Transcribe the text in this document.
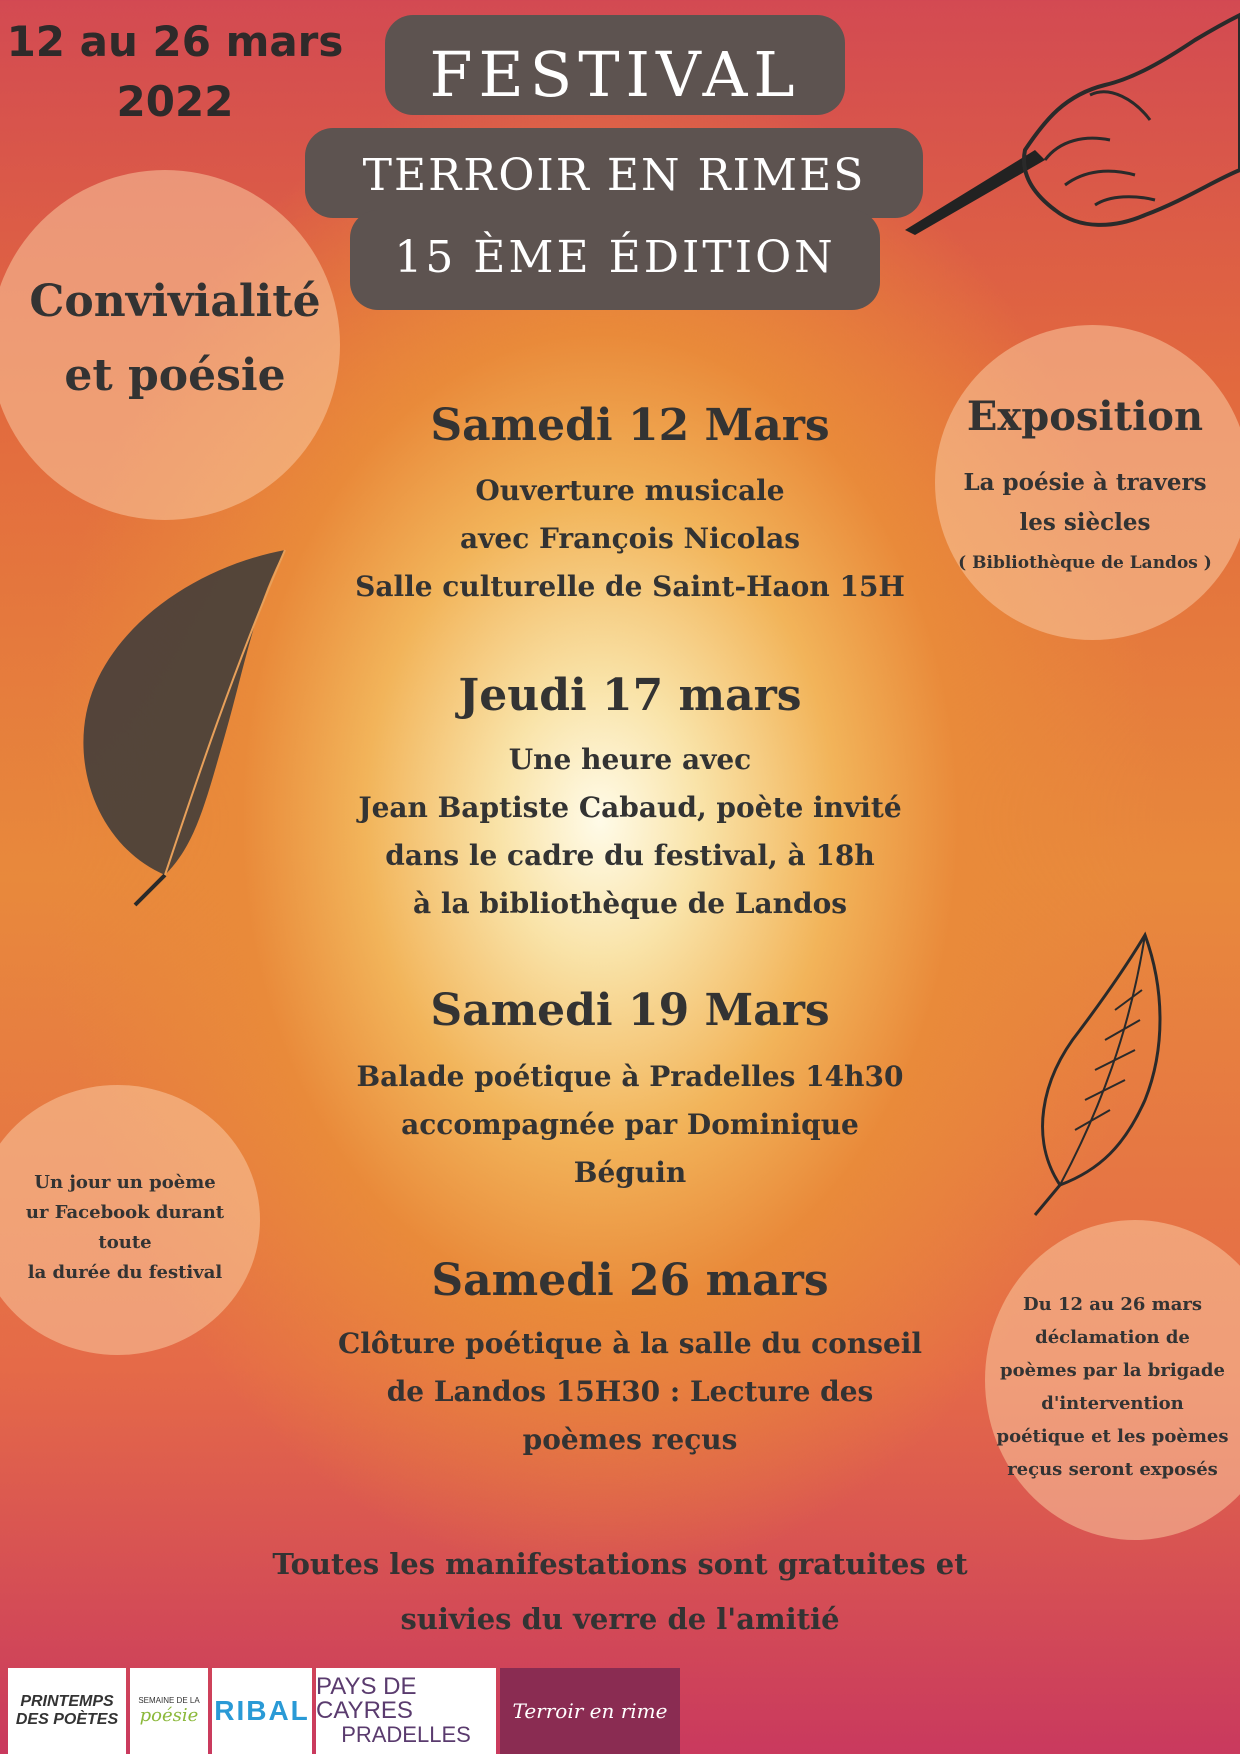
12 au 26 mars
2022	FESTIVAL
TERROIR EN RIMES
15 ÈME ÉDITION
Convivialité
et poésie
Exposition
La poésie à travers
les siècles
( Bibliothèque de Landos )
Samedi 12 Mars
Ouverture musicale
avec François Nicolas
Salle culturelle de Saint-Haon 15H
Jeudi 17 mars
Une heure avec
Jean Baptiste Cabaud, poète invité
dans le cadre du festival, à 18h
à la bibliothèque de Landos
Samedi 19 Mars
Balade poétique à Pradelles 14h30
accompagnée par Dominique
Béguin
Samedi 26 mars
Clôture poétique à la salle du conseil
de Landos 15H30 : Lecture des
poèmes reçus
Un jour un poème
ur Facebook durant toute
la durée du festival
Du 12 au 26 mars
déclamation de
poèmes par la brigade
d'intervention
poétique et les poèmes
reçus seront exposés
Toutes les manifestations sont gratuites et
suivies du verre de l'amitié
PRINTEMPS DES POÈTES
SEMAINE DE LA
poésie RIBAL
PAYS DE CAYRES
PRADELLES
Terroir en rime
